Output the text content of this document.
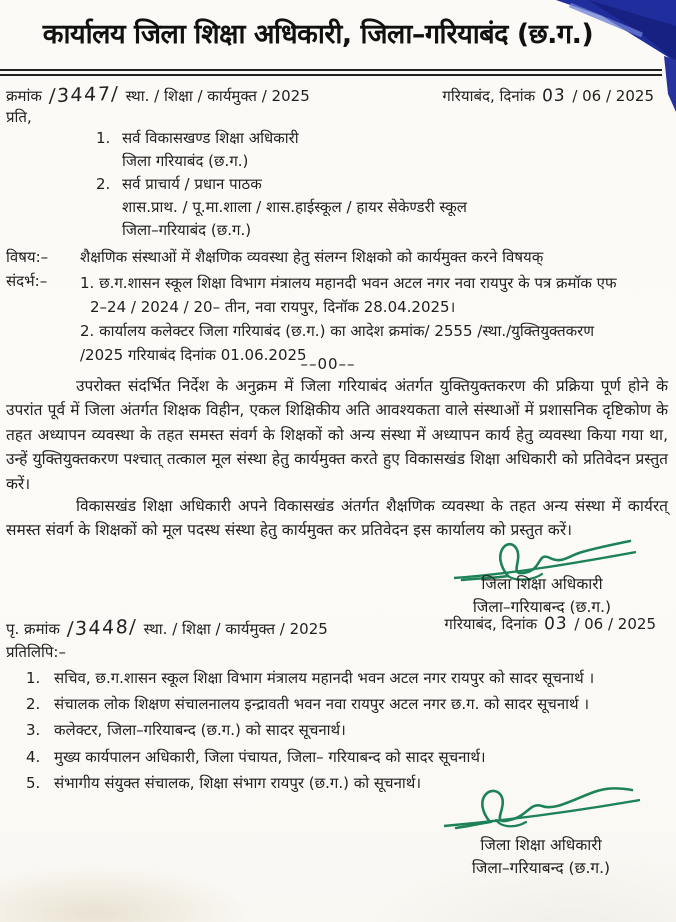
कार्यालय जिला शिक्षा अधिकारी, जिला–गरियाबंद (छ.ग.)
क्रमांक /3447/ स्था. / शिक्षा / कार्यमुक्त / 2025	गरियाबंद, दिनांक 03 / 06 / 2025
प्रति,
1. सर्व विकासखण्ड शिक्षा अधिकारी
जिला गरियाबंद (छ.ग.)
2. सर्व प्राचार्य / प्रधान पाठक
शास.प्राथ. / पू.मा.शाला / शास.हाईस्कूल / हायर सेकेण्डरी स्कूल
जिला–गरियाबंद (छ.ग.)
विषय:– शैक्षणिक संस्थाओं में शैक्षणिक व्यवस्था हेतु संलग्न शिक्षको को कार्यमुक्त करने विषयक्
संदर्भ:– 1. छ.ग.शासन स्कूल शिक्षा विभाग मंत्रालय महानदी भवन अटल नगर नवा रायपुर के पत्र क्रमॉक एफ
2–24 / 2024 / 20– तीन, नवा रायपुर, दिनॉक 28.04.2025।
2. कार्यालय कलेक्टर जिला गरियाबंद (छ.ग.) का आदेश क्रमांक/ 2555 /स्था./युक्तियुक्तकरण
/2025 गरियाबंद दिनांक 01.06.2025
––00––
उपरोक्त संदर्भित निर्देश के अनुक्रम में जिला गरियाबंद अंतर्गत युक्तियुक्तकरण की प्रक्रिया पूर्ण होने के उपरांत पूर्व में जिला अंतर्गत शिक्षक विहीन, एकल शिक्षिकीय अति आवश्यकता वाले संस्थाओं में प्रशासनिक दृष्टिकोण के तहत अध्यापन व्यवस्था के तहत समस्त संवर्ग के शिक्षकों को अन्य संस्था में अध्यापन कार्य हेतु व्यवस्था किया गया था, उन्हें युक्तियुक्तकरण पश्चात् तत्काल मूल संस्था हेतु कार्यमुक्त करते हुए विकासखंड शिक्षा अधिकारी को प्रतिवेदन प्रस्तुत करें।
विकासखंड शिक्षा अधिकारी अपने विकासखंड अंतर्गत शैक्षणिक व्यवस्था के तहत अन्य संस्था में कार्यरत् समस्त संवर्ग के शिक्षकों को मूल पदस्थ संस्था हेतु कार्यमुक्त कर प्रतिवेदन इस कार्यालय को प्रस्तुत करें।
जिला शिक्षा अधिकारी
जिला–गरियाबन्द (छ.ग.)
गरियाबंद, दिनांक 03 / 06 / 2025
पृ. क्रमांक /3448/ स्था. / शिक्षा / कार्यमुक्त / 2025
प्रतिलिपि:–
1. सचिव, छ.ग.शासन स्कूल शिक्षा विभाग मंत्रालय महानदी भवन अटल नगर रायपुर को सादर सूचनार्थ ।
2. संचालक लोक शिक्षण संचालनालय इन्द्रावती भवन नवा रायपुर अटल नगर छ.ग. को सादर सूचनार्थ ।
3. कलेक्टर, जिला–गरियाबन्द (छ.ग.) को सादर सूचनार्थ।
4. मुख्य कार्यपालन अधिकारी, जिला पंचायत, जिला– गरियाबन्द को सादर सूचनार्थ।
5. संभागीय संयुक्त संचालक, शिक्षा संभाग रायपुर (छ.ग.) को सूचनार्थ।
जिला शिक्षा अधिकारी
जिला–गरियाबन्द (छ.ग.)
